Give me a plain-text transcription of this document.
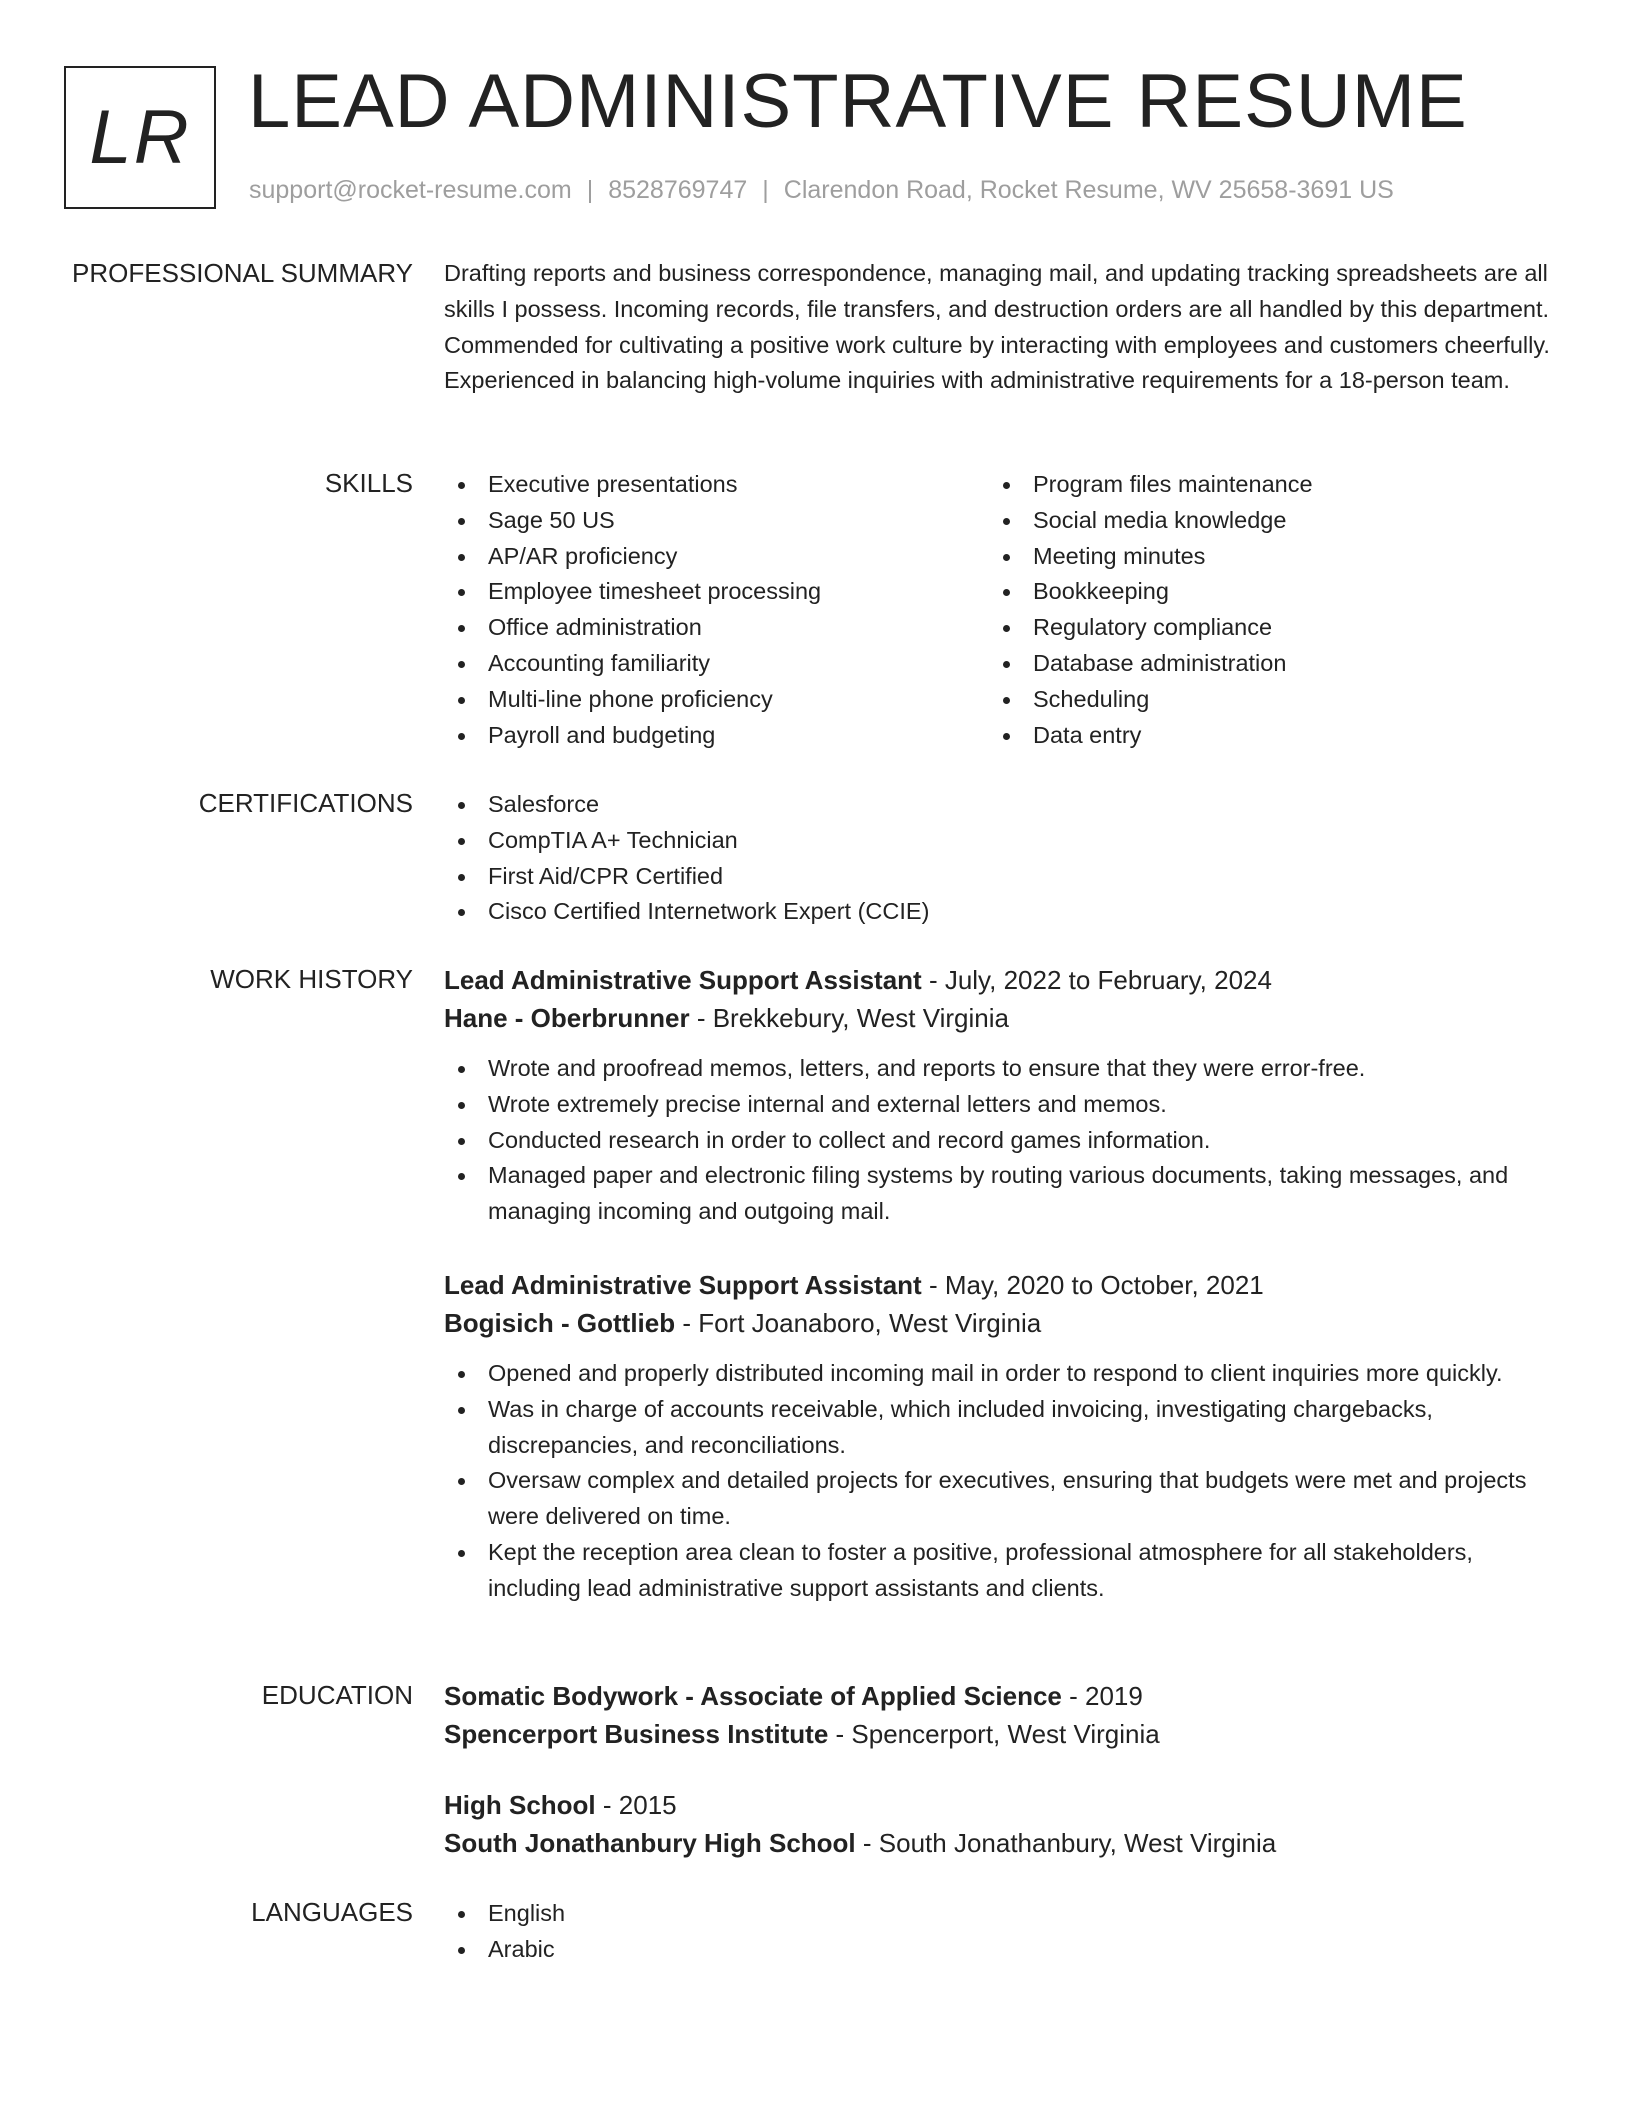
LR LEAD ADMINISTRATIVE RESUME
support@rocket-resume.com | 8528769747 | Clarendon Road, Rocket Resume, WV 25658-3691 US
PROFESSIONAL SUMMARY Drafting reports and business correspondence, managing mail, and updating tracking spreadsheets are all skills I possess. Incoming records, file transfers, and destruction orders are all handled by this department. Commended for cultivating a positive work culture by interacting with employees and customers cheerfully. Experienced in balancing high-volume inquiries with administrative requirements for a 18-person team.
SKILLS	Executive presentations
Sage 50 US
AP/AR proficiency
Employee timesheet processing
Office administration
Accounting familiarity
Multi-line phone proficiency
Payroll and budgeting
Program files maintenance
Social media knowledge
Meeting minutes
Bookkeeping
Regulatory compliance
Database administration
Scheduling
Data entry
CERTIFICATIONS	Salesforce
CompTIA A+ Technician
First Aid/CPR Certified
Cisco Certified Internetwork Expert (CCIE)
WORK HISTORY Lead Administrative Support Assistant - July, 2022 to February, 2024
Hane - Oberbrunner - Brekkebury, West Virginia
Wrote and proofread memos, letters, and reports to ensure that they were error-free.
Wrote extremely precise internal and external letters and memos.
Conducted research in order to collect and record games information.
Managed paper and electronic filing systems by routing various documents, taking messages, and managing incoming and outgoing mail.
Lead Administrative Support Assistant - May, 2020 to October, 2021
Bogisich - Gottlieb - Fort Joanaboro, West Virginia
Opened and properly distributed incoming mail in order to respond to client inquiries more quickly.
Was in charge of accounts receivable, which included invoicing, investigating chargebacks, discrepancies, and reconciliations.
Oversaw complex and detailed projects for executives, ensuring that budgets were met and projects were delivered on time.
Kept the reception area clean to foster a positive, professional atmosphere for all stakeholders, including lead administrative support assistants and clients.
EDUCATION Somatic Bodywork - Associate of Applied Science - 2019
Spencerport Business Institute - Spencerport, West Virginia
High School - 2015
South Jonathanbury High School - South Jonathanbury, West Virginia
LANGUAGES	English
Arabic
